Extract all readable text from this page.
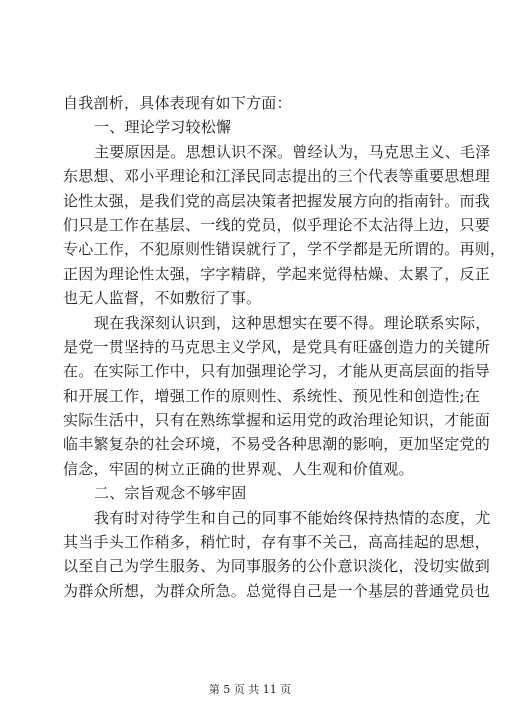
自我剖析，具体表现有如下方面：
一、理论学习较松懈
主要原因是。思想认识不深。曾经认为，马克思主义、毛泽
东思想、邓小平理论和江泽民同志提出的三个代表等重要思想理
论性太强，是我们党的高层决策者把握发展方向的指南针。而我
们只是工作在基层、一线的党员，似乎理论不太沾得上边，只要
专心工作，不犯原则性错误就行了，学不学都是无所谓的。再则，
正因为理论性太强，字字精辟，学起来觉得枯燥、太累了，反正
也无人监督，不如敷衍了事。
现在我深刻认识到，这种思想实在要不得。理论联系实际，
是党一贯坚持的马克思主义学风，是党具有旺盛创造力的关键所
在。在实际工作中，只有加强理论学习，才能从更高层面的指导
和开展工作，增强工作的原则性、系统性、预见性和创造性;在
实际生活中，只有在熟练掌握和运用党的政治理论知识，才能面
临丰繁复杂的社会环境，不易受各种思潮的影响，更加坚定党的
信念，牢固的树立正确的世界观、人生观和价值观。
二、宗旨观念不够牢固
我有时对待学生和自己的同事不能始终保持热情的态度，尤
其当手头工作稍多，稍忙时，存有事不关己，高高挂起的思想，
以至自己为学生服务、为同事服务的公仆意识淡化，没切实做到
为群众所想，为群众所急。总觉得自己是一个基层的普通党员也
第 5 页 共 11 页
